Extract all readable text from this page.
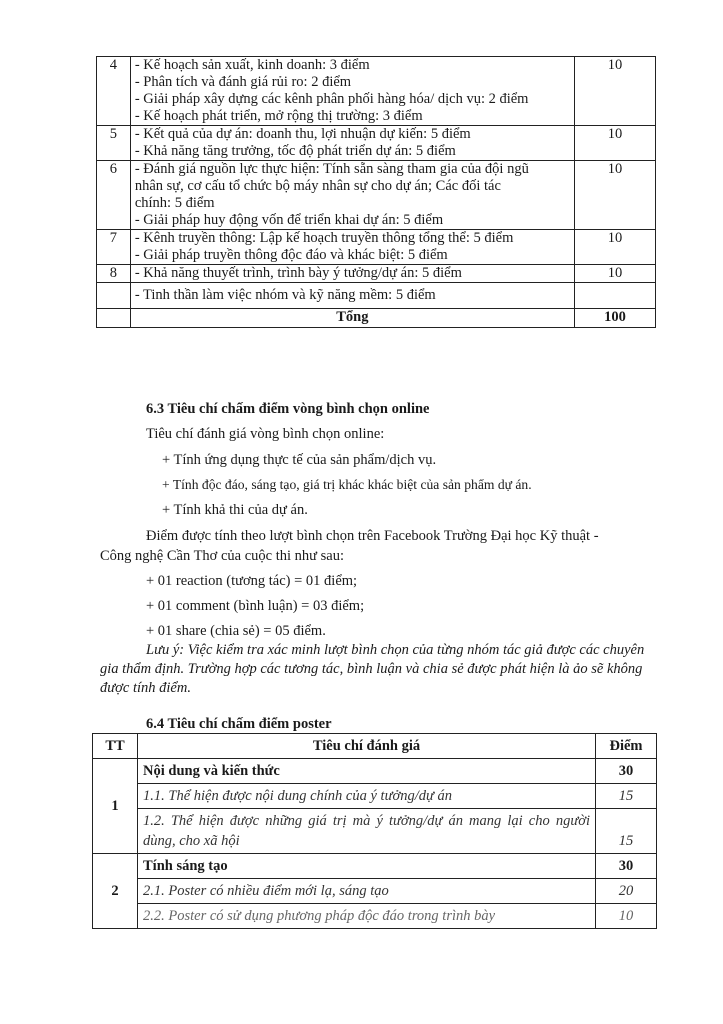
4	- Kế hoạch sản xuất, kinh doanh: 3 điểm
- Phân tích và đánh giá rủi ro: 2 điểm
- Giải pháp xây dựng các kênh phân phối hàng hóa/ dịch vụ: 2 điểm
- Kế hoạch phát triển, mở rộng thị trường: 3 điểm	10
5	- Kết quả của dự án: doanh thu, lợi nhuận dự kiến: 5 điểm
- Khả năng tăng trưởng, tốc độ phát triển dự án: 5 điểm	10
6	- Đánh giá nguồn lực thực hiện: Tính sẵn sàng tham gia của đội ngũ
nhân sự, cơ cấu tổ chức bộ máy nhân sự cho dự án; Các đối tác
chính: 5 điểm
- Giải pháp huy động vốn để triển khai dự án: 5 điểm	10
7	- Kênh truyền thông: Lập kế hoạch truyền thông tổng thể: 5 điểm
- Giải pháp truyền thông độc đáo và khác biệt: 5 điểm	10
8	- Khả năng thuyết trình, trình bày ý tưởng/dự án: 5 điểm	10

	- Tinh thần làm việc nhóm và kỹ năng mềm: 5 điểm	

	Tổng	100
6.3 Tiêu chí chấm điểm vòng bình chọn online
Tiêu chí đánh giá vòng bình chọn online:
+ Tính ứng dụng thực tế của sản phẩm/dịch vụ.
+ Tính độc đáo, sáng tạo, giá trị khác khác biệt của sản phẩm dự án.
+ Tính khả thi của dự án.
Điểm được tính theo lượt bình chọn trên Facebook Trường Đại học Kỹ thuật -
Công nghệ Cần Thơ của cuộc thi như sau:
+ 01 reaction (tương tác) = 01 điểm;
+ 01 comment (bình luận) = 03 điểm;
+ 01 share (chia sẻ) = 05 điểm.
Lưu ý: Việc kiểm tra xác minh lượt bình chọn của từng nhóm tác giả được các chuyên gia thẩm định. Trường hợp các tương tác, bình luận và chia sẻ được phát hiện là ảo sẽ không được tính điểm.
6.4 Tiêu chí chấm điểm poster
TT	Tiêu chí đánh giá	Điểm
1	Nội dung và kiến thức	30
	1.1. Thể hiện được nội dung chính của ý tưởng/dự án	15
	1.2. Thể hiện được những giá trị mà ý tưởng/dự án mang lại cho người dùng, cho xã hội	15
2	Tính sáng tạo	30
	2.1. Poster có nhiều điểm mới lạ, sáng tạo	20
	2.2. Poster có sử dụng phương pháp độc đáo trong trình bày	10
